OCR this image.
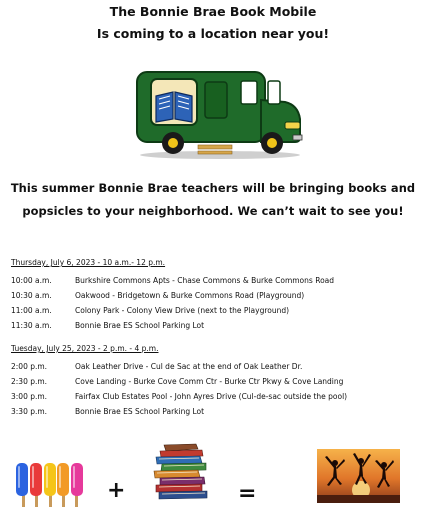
The Bonnie Brae Book Mobile
Is coming to a location near you!
This summer Bonnie Brae teachers will be bringing books and
popsicles to your neighborhood. We can’t wait to see you!
Thursday, July 6, 2023 - 10 a.m.- 12 p.m.
10:00 a.m.	Burkshire Commons Apts - Chase Commons & Burke Commons Road
10:30 a.m.	Oakwood - Bridgetown & Burke Commons Road (Playground)
11:00 a.m.	Colony Park - Colony View Drive (next to the Playground)
11:30 a.m.	Bonnie Brae ES School Parking Lot
Tuesday, July 25, 2023 - 2 p.m. - 4 p.m.
2:00 p.m.	Oak Leather Drive - Cul de Sac at the end of Oak Leather Dr.
2:30 p.m.	Cove Landing - Burke Cove Comm Ctr - Burke Ctr Pkwy & Cove Landing
3:00 p.m.	Fairfax Club Estates Pool - John Ayres Drive (Cul-de-sac outside the pool)
3:30 p.m.	Bonnie Brae ES School Parking Lot
+	=
